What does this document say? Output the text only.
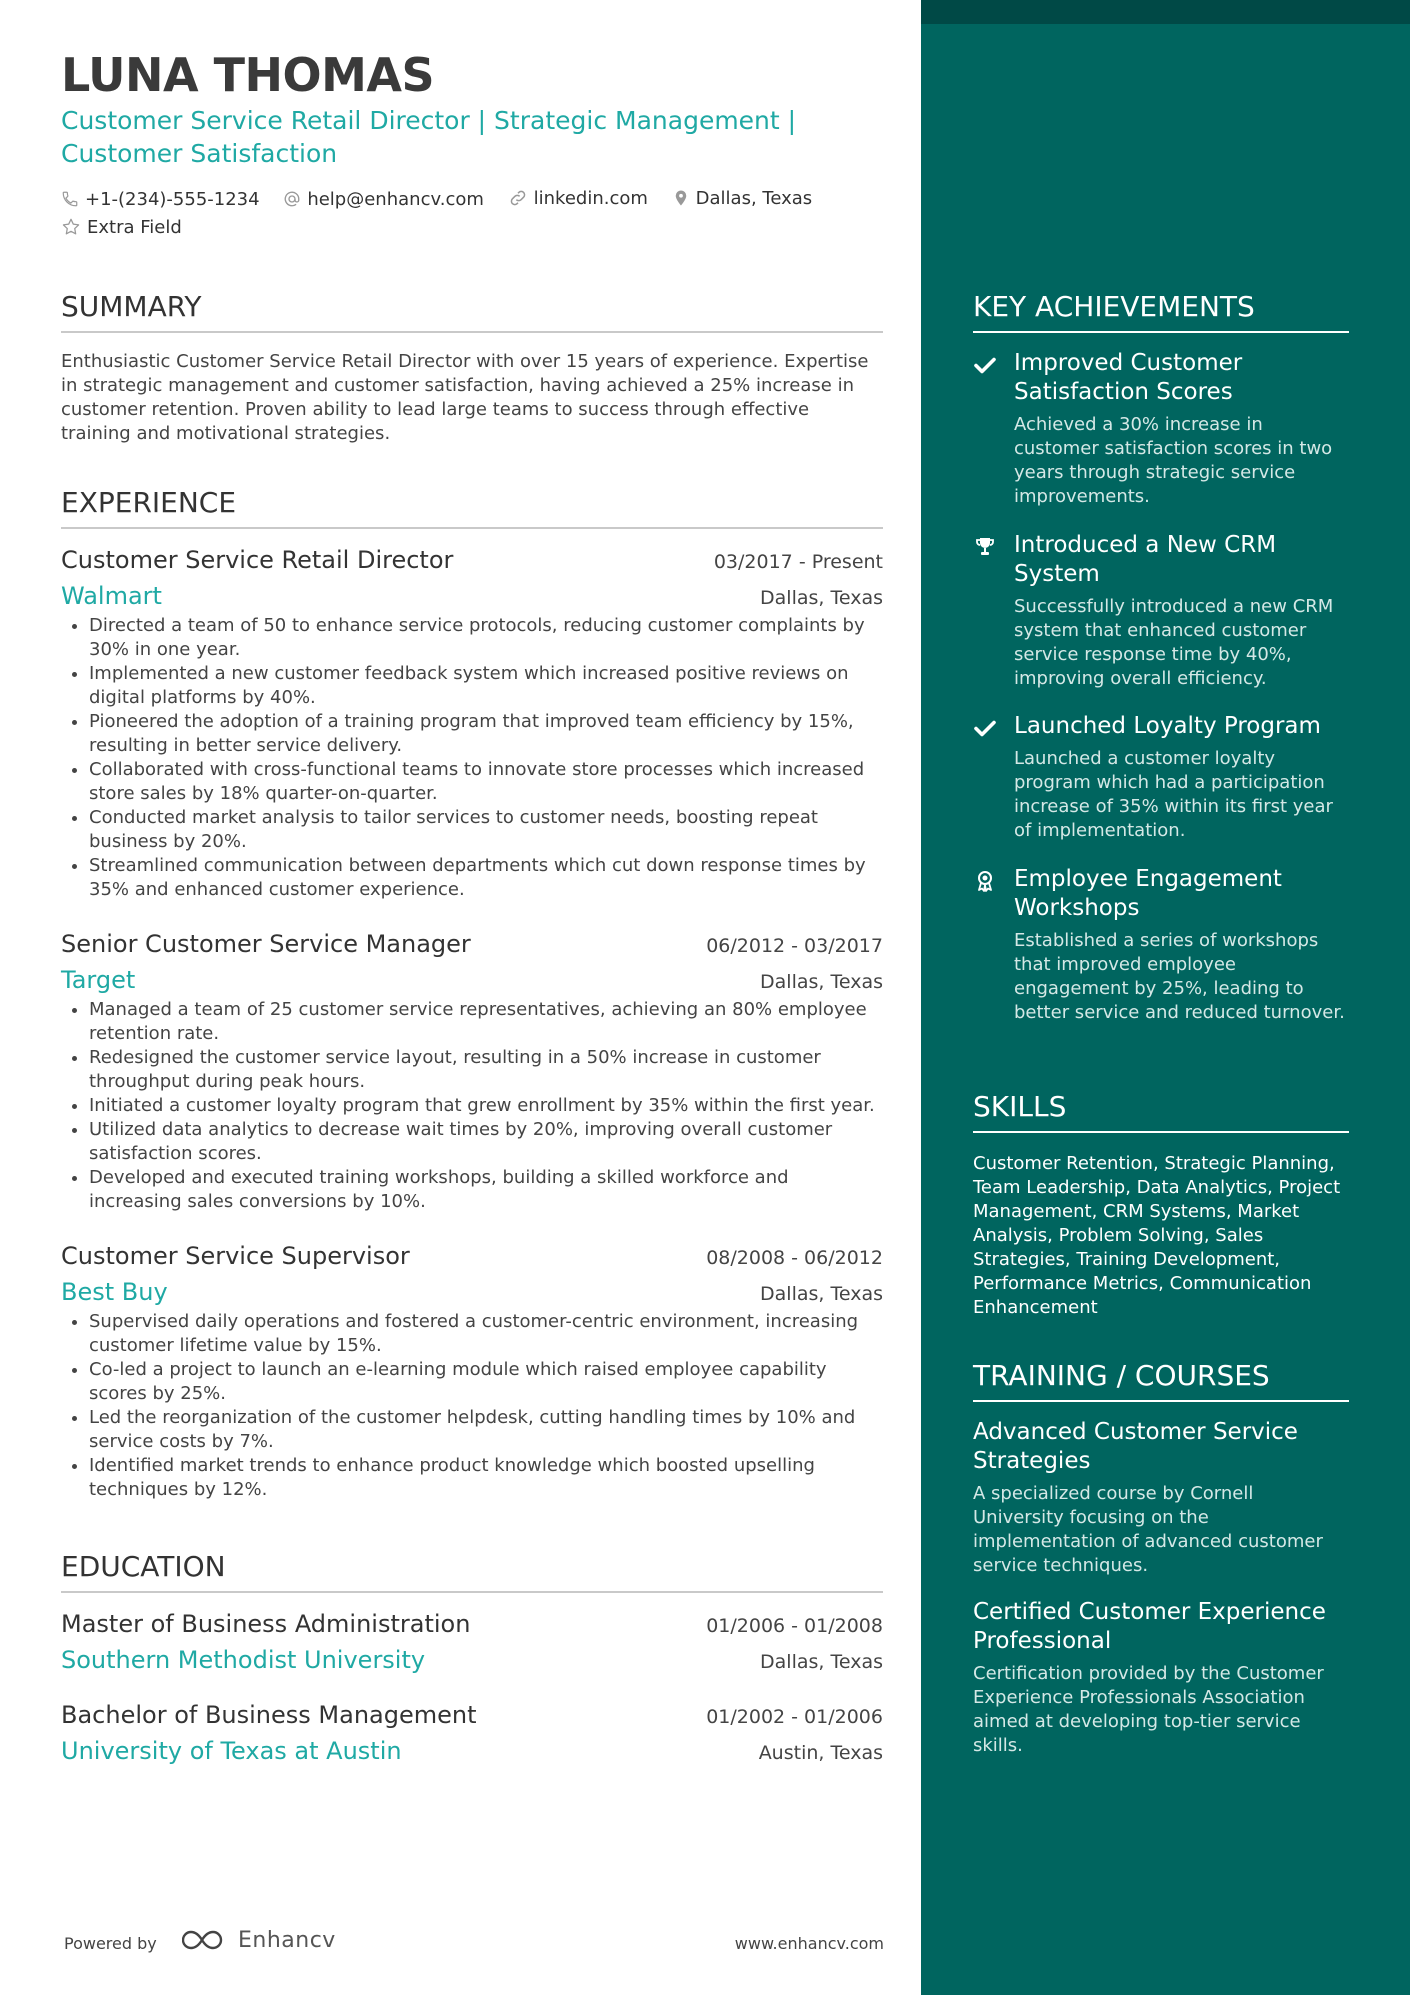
LUNA THOMAS
Customer Service Retail Director | Strategic Management | Customer Satisfaction
+1-(234)-555-1234
	help@enhancv.com
	linkedin.com
	Dallas, Texas

Extra Field
SUMMARY

Enthusiastic Customer Service Retail Director with over 15 years of experience. Expertise in strategic management and customer satisfaction, having achieved a 25% increase in customer retention. Proven ability to lead large teams to success through effective training and motivational strategies.

EXPERIENCE
Customer Service Retail Director	03/2017 - Present
Walmart	Dallas, Texas
• Directed a team of 50 to enhance service protocols, reducing customer complaints by 30% in one year.
• Implemented a new customer feedback system which increased positive reviews on digital platforms by 40%.
• Pioneered the adoption of a training program that improved team efficiency by 15%, resulting in better service delivery.
• Collaborated with cross-functional teams to innovate store processes which increased store sales by 18% quarter-on-quarter.
• Conducted market analysis to tailor services to customer needs, boosting repeat business by 20%.
• Streamlined communication between departments which cut down response times by 35% and enhanced customer experience.
Senior Customer Service Manager	06/2012 - 03/2017
Target	Dallas, Texas
• Managed a team of 25 customer service representatives, achieving an 80% employee retention rate.
• Redesigned the customer service layout, resulting in a 50% increase in customer throughput during peak hours.
• Initiated a customer loyalty program that grew enrollment by 35% within the first year.
• Utilized data analytics to decrease wait times by 20%, improving overall customer satisfaction scores.
• Developed and executed training workshops, building a skilled workforce and increasing sales conversions by 10%.
Customer Service Supervisor	08/2008 - 06/2012
Best Buy	Dallas, Texas
• Supervised daily operations and fostered a customer-centric environment, increasing customer lifetime value by 15%.
• Co-led a project to launch an e-learning module which raised employee capability scores by 25%.
• Led the reorganization of the customer helpdesk, cutting handling times by 10% and service costs by 7%.
• Identified market trends to enhance product knowledge which boosted upselling techniques by 12%.
EDUCATION
Master of Business Administration	01/2006 - 01/2008
Southern Methodist University	Dallas, Texas
Bachelor of Business Management	01/2002 - 01/2006
University of Texas at Austin	Austin, Texas
Powered by	Enhancv	www.enhancv.com
KEY ACHIEVEMENTS
Improved Customer Satisfaction Scores
Achieved a 30% increase in customer satisfaction scores in two years through strategic service improvements.
Introduced a New CRM System
Successfully introduced a new CRM system that enhanced customer service response time by 40%, improving overall efficiency.
Launched Loyalty Program
Launched a customer loyalty program which had a participation increase of 35% within its first year of implementation.
Employee Engagement Workshops
Established a series of workshops that improved employee engagement by 25%, leading to better service and reduced turnover.
SKILLS

Customer Retention, Strategic Planning, Team Leadership, Data Analytics, Project Management, CRM Systems, Market Analysis, Problem Solving, Sales Strategies, Training Development, Performance Metrics, Communication Enhancement

TRAINING / COURSES
Advanced Customer Service Strategies
A specialized course by Cornell University focusing on the implementation of advanced customer service techniques.
Certified Customer Experience Professional
Certification provided by the Customer Experience Professionals Association aimed at developing top-tier service skills.
